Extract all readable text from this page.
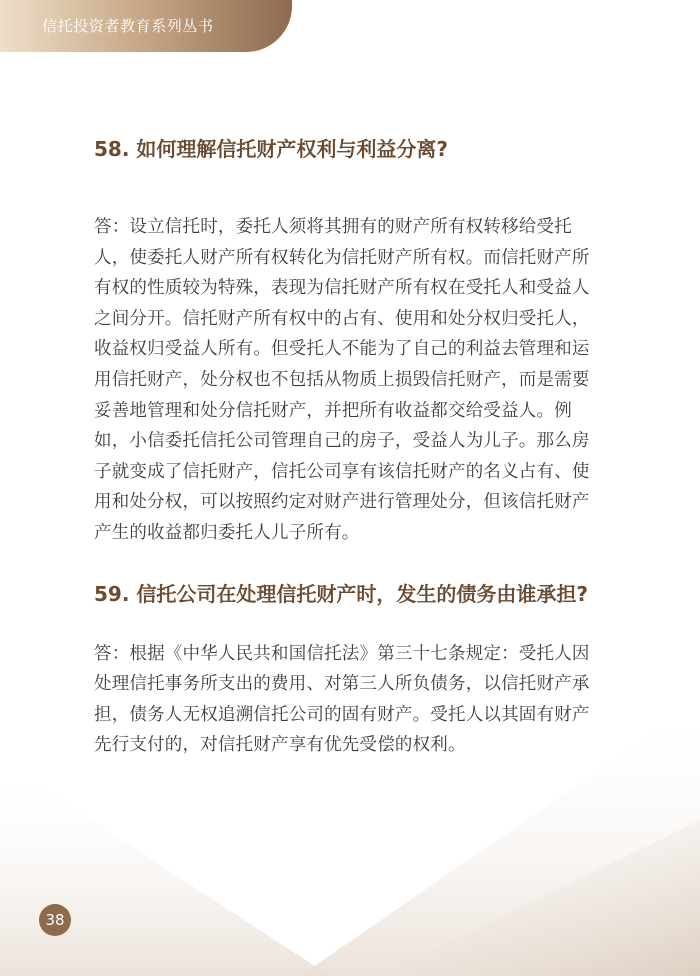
信托投资者教育系列丛书
58. 如何理解信托财产权利与利益分离?

答：设立信托时，委托人须将其拥有的财产所有权转移给受托人，使委托人财产所有权转化为信托财产所有权。而信托财产所有权的性质较为特殊，表现为信托财产所有权在受托人和受益人之间分开。信托财产所有权中的占有、使用和处分权归受托人，收益权归受益人所有。但受托人不能为了自己的利益去管理和运用信托财产，处分权也不包括从物质上损毁信托财产，而是需要妥善地管理和处分信托财产，并把所有收益都交给受益人。例如，小信委托信托公司管理自己的房子，受益人为儿子。那么房子就变成了信托财产，信托公司享有该信托财产的名义占有、使用和处分权，可以按照约定对财产进行管理处分，但该信托财产产生的收益都归委托人儿子所有。

59. 信托公司在处理信托财产时，发生的债务由谁承担?

答：根据《中华人民共和国信托法》第三十七条规定：受托人因处理信托事务所支出的费用、对第三人所负债务，以信托财产承担，债务人无权追溯信托公司的固有财产。受托人以其固有财产先行支付的，对信托财产享有优先受偿的权利。

38
